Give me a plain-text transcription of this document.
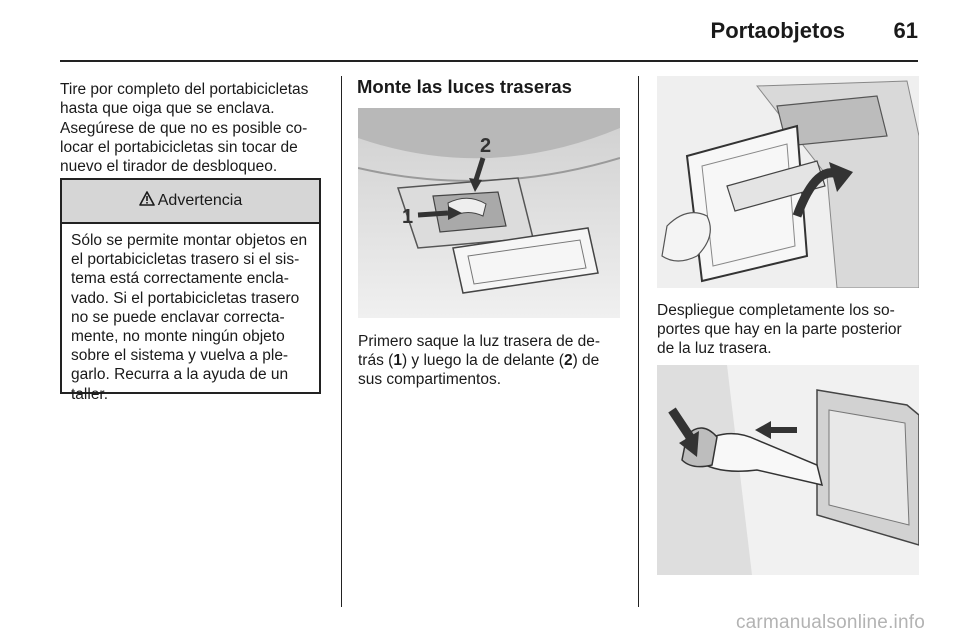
Portaobjetos	61

Tire por completo del portabicicletas hasta que oiga que se enclava.

Asegúrese de que no es posible co-locar el portabicicletas sin tocar de nuevo el tirador de desbloqueo.

Advertencia
Sólo se permite montar objetos en el portabicicletas trasero si el sis-tema está correctamente encla-vado. Si el portabicicletas trasero no se puede enclavar correcta-mente, no monte ningún objeto sobre el sistema y vuelva a ple-garlo. Recurra a la ayuda de un taller.
Monte las luces traseras
1
2

Primero saque la luz trasera de de-trás (1) y luego la de delante (2) de sus compartimentos.

Despliegue completamente los so-portes que hay en la parte posterior de la luz trasera.

carmanualsonline.info
